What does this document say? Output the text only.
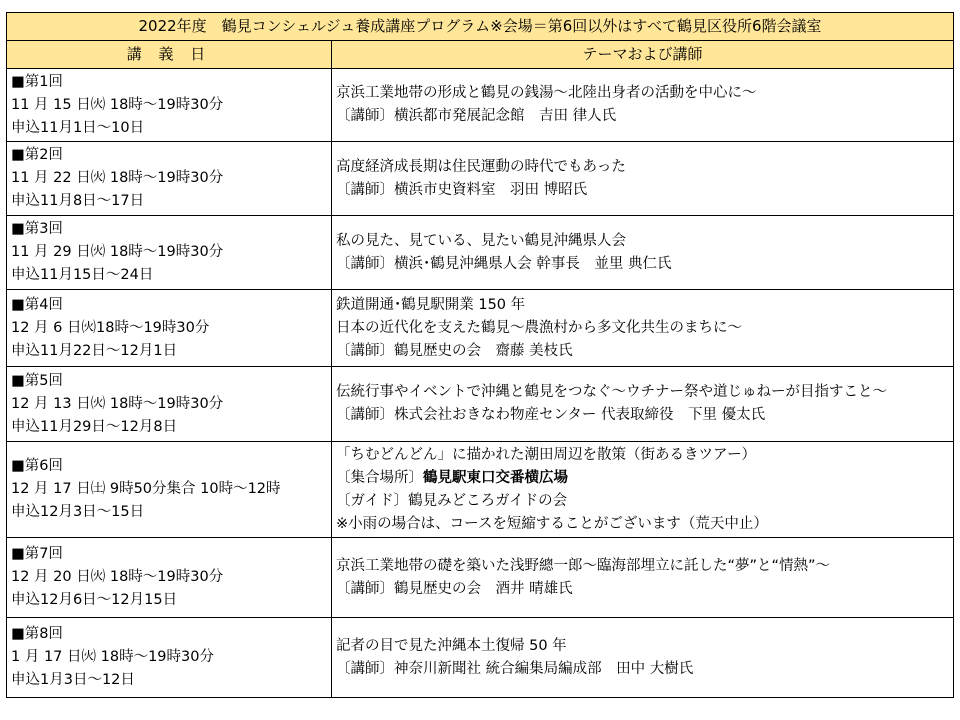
2022年度　鶴見コンシェルジュ養成講座プログラム※会場＝第6回以外はすべて鶴見区役所6階会議室	
講 義 日	テーマおよび講師

■第1回
11 月 15 日㈫ 18時～19時30分
申込11月1日～10日	京浜工業地帯の形成と鶴見の銭湯～北陸出身者の活動を中心に～
〔講師〕横浜都市発展記念館　吉田 律人氏

■第2回
11 月 22 日㈫ 18時～19時30分
申込11月8日～17日	高度経済成長期は住民運動の時代でもあった
〔講師〕横浜市史資料室　羽田 博昭氏

■第3回
11 月 29 日㈫ 18時～19時30分
申込11月15日～24日	私の見た、見ている、見たい鶴見沖縄県人会
〔講師〕横浜･鶴見沖縄県人会 幹事長　並里 典仁氏

■第4回
12 月 6 日㈫18時～19時30分
申込11月22日～12月1日	鉄道開通･鶴見駅開業 150 年
日本の近代化を支えた鶴見～農漁村から多文化共生のまちに～
〔講師〕鶴見歴史の会　齋藤 美枝氏

■第5回
12 月 13 日㈫ 18時～19時30分
申込11月29日～12月8日	伝統行事やイベントで沖縄と鶴見をつなぐ～ウチナー祭や道じゅねーが目指すこと～
〔講師〕株式会社おきなわ物産センター 代表取締役　下里 優太氏

■第6回
12 月 17 日㈯ 9時50分集合 10時～12時
申込12月3日～15日	「ちむどんどん」に描かれた潮田周辺を散策（街あるきツアー）
〔集合場所〕鶴見駅東口交番横広場
〔ガイド〕鶴見みどころガイドの会
※小雨の場合は、コースを短縮することがございます（荒天中止）

■第7回
12 月 20 日㈫ 18時～19時30分
申込12月6日～12月15日	京浜工業地帯の礎を築いた浅野總一郎～臨海部埋立に託した“夢”と“情熱”～
〔講師〕鶴見歴史の会　酒井 晴雄氏

■第8回
1 月 17 日㈫ 18時～19時30分
申込1月3日～12日	記者の目で見た沖縄本土復帰 50 年
〔講師〕神奈川新聞社 統合編集局編成部　田中 大樹氏
